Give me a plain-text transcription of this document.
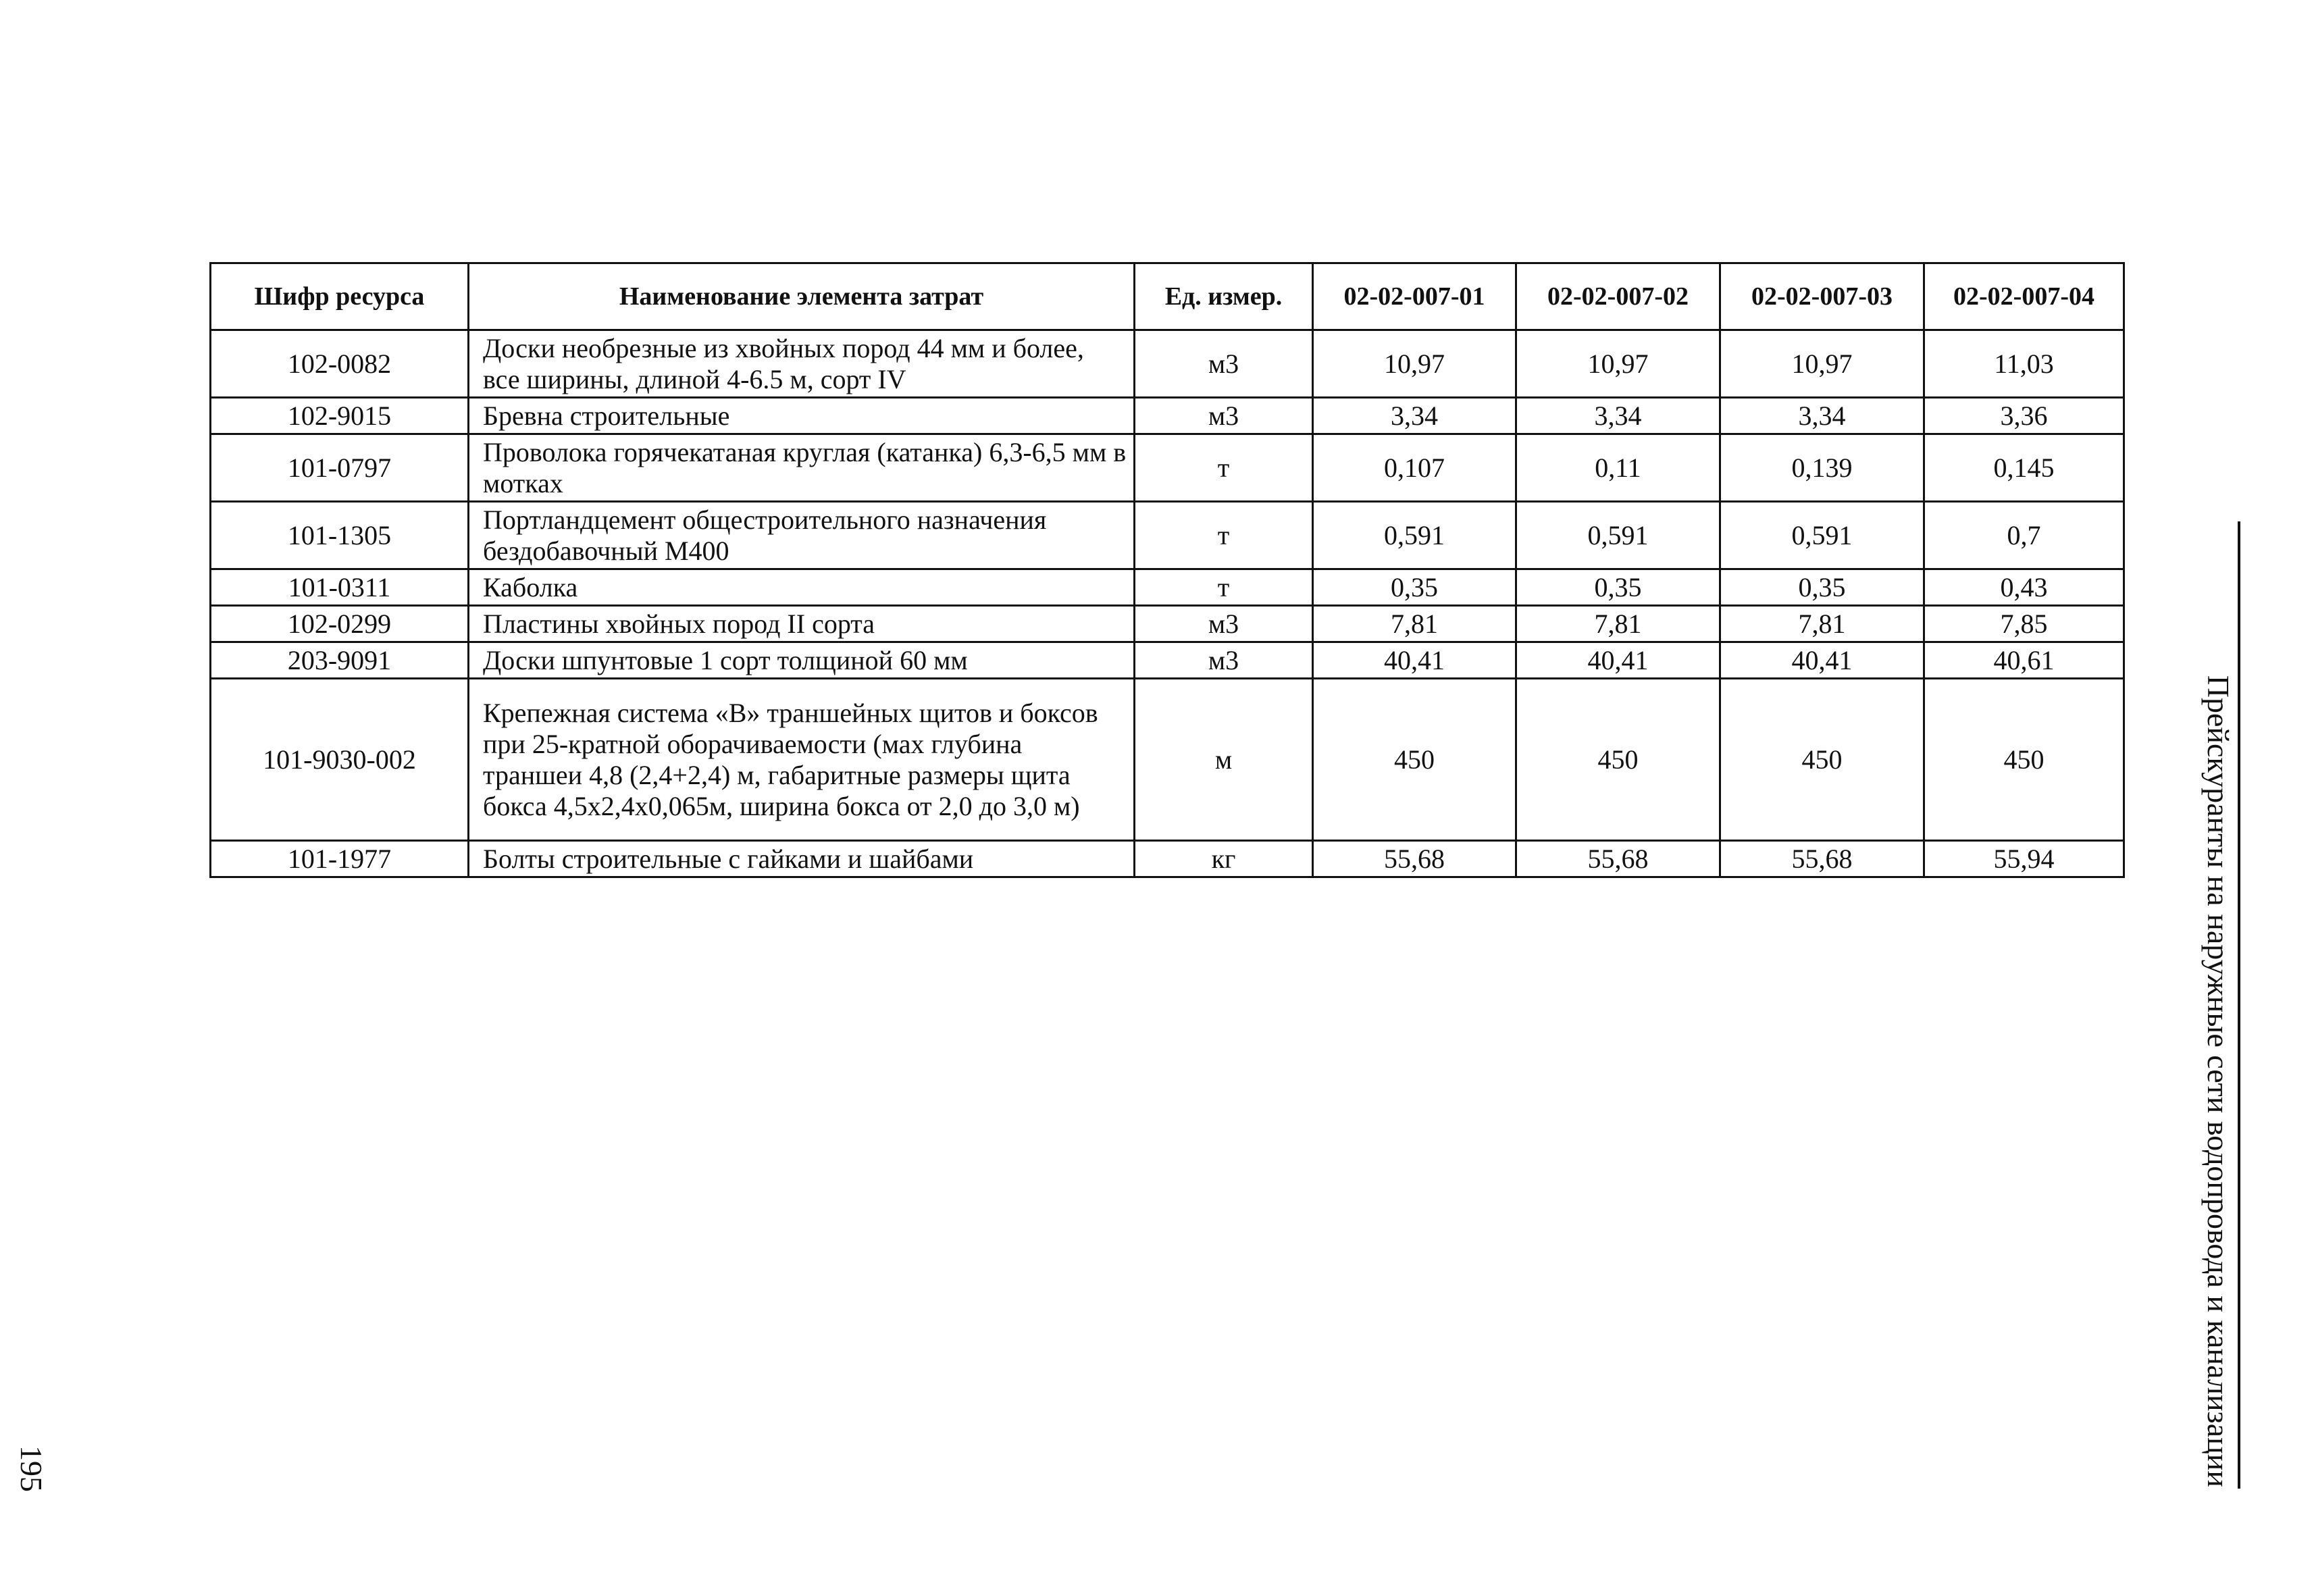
Шифр ресурса	Наименование элемента затрат	Ед. измер.	02-02-007-01	02-02-007-02	02-02-007-03	02-02-007-04
102-0082	Доски необрезные из хвойных пород 44 мм и более, все ширины, длиной 4-6.5 м, сорт IV	м3	10,97	10,97	10,97	11,03
102-9015	Бревна строительные	м3	3,34	3,34	3,34	3,36
101-0797	Проволока горячекатаная круглая (катанка) 6,3-6,5 мм в мотках	т	0,107	0,11	0,139	0,145
101-1305	Портландцемент общестроительного назначения бездобавочный М400	т	0,591	0,591	0,591	0,7
101-0311	Каболка	т	0,35	0,35	0,35	0,43
102-0299	Пластины хвойных пород II сорта	м3	7,81	7,81	7,81	7,85
203-9091	Доски шпунтовые 1 сорт толщиной 60 мм	м3	40,41	40,41	40,41	40,61
101-9030-002	Крепежная система «В» траншейных щитов и боксов при 25-кратной оборачиваемости (мах глубина траншеи 4,8 (2,4+2,4) м, габаритные размеры щита бокса 4,5х2,4х0,065м, ширина бокса от 2,0 до 3,0 м)	м	450	450	450	450
101-1977	Болты строительные с гайками и шайбами	кг	55,68	55,68	55,68	55,94	Прейскуранты на наружные сети водопровода и канализации
195
